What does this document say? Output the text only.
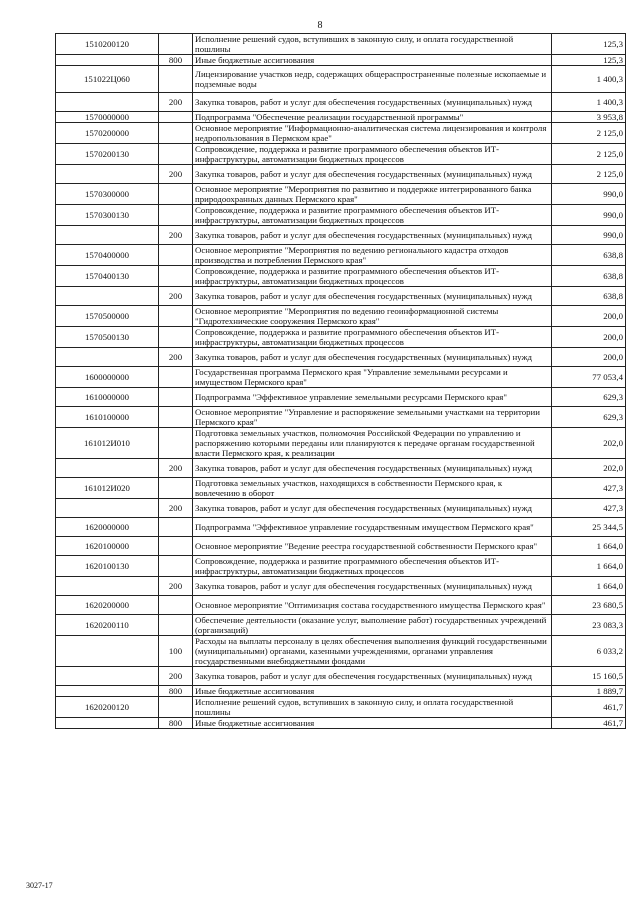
8
1510200120		Исполнение решений судов, вступивших в законную силу, и оплата государственной пошлины	125,3
	800	Иные бюджетные ассигнования	125,3
151022Ц060		Лицензирование участков недр, содержащих общераспространенные полезные ископаемые и подземные воды	1 400,3
	200	Закупка товаров, работ и услуг для обеспечения государственных (муниципальных) нужд	1 400,3
1570000000		Подпрограмма "Обеспечение реализации государственной программы"	3 953,8
1570200000		Основное мероприятие "Информационно-аналитическая система лицензирования и контроля недропользования в Пермском крае"	2 125,0
1570200130		Сопровождение, поддержка и развитие программного обеспечения объектов ИТ-инфраструктуры, автоматизации бюджетных процессов	2 125,0
	200	Закупка товаров, работ и услуг для обеспечения государственных (муниципальных) нужд	2 125,0
1570300000		Основное мероприятие "Мероприятия по развитию и поддержке интегрированного банка природоохранных данных Пермского края"	990,0
1570300130		Сопровождение, поддержка и развитие программного обеспечения объектов ИТ-инфраструктуры, автоматизации бюджетных процессов	990,0
	200	Закупка товаров, работ и услуг для обеспечения государственных (муниципальных) нужд	990,0
1570400000		Основное мероприятие "Мероприятия по ведению регионального кадастра отходов производства и потребления Пермского края"	638,8
1570400130		Сопровождение, поддержка и развитие программного обеспечения объектов ИТ-инфраструктуры, автоматизации бюджетных процессов	638,8
	200	Закупка товаров, работ и услуг для обеспечения государственных (муниципальных) нужд	638,8
1570500000		Основное мероприятие "Мероприятия по ведению геоинформационной системы "Гидротехнические сооружения Пермского края"	200,0
1570500130		Сопровождение, поддержка и развитие программного обеспечения объектов ИТ-инфраструктуры, автоматизации бюджетных процессов	200,0
	200	Закупка товаров, работ и услуг для обеспечения государственных (муниципальных) нужд	200,0
1600000000		Государственная программа Пермского края "Управление земельными ресурсами и имуществом Пермского края"	77 053,4
1610000000		Подпрограмма "Эффективное управление земельными ресурсами Пермского края"	629,3
1610100000		Основное мероприятие "Управление и распоряжение земельными участками на территории Пермского края"	629,3
161012И010		Подготовка земельных участков, полномочия Российской Федерации по управлению и распоряжению которыми переданы или планируются к передаче органам государственной власти Пермского края, к реализации	202,0
	200	Закупка товаров, работ и услуг для обеспечения государственных (муниципальных) нужд	202,0
161012И020		Подготовка земельных участков, находящихся в собственности Пермского края, к вовлечению в оборот	427,3
	200	Закупка товаров, работ и услуг для обеспечения государственных (муниципальных) нужд	427,3
1620000000		Подпрограмма "Эффективное управление государственным имуществом Пермского края"	25 344,5
1620100000		Основное мероприятие "Ведение реестра государственной собственности Пермского края"	1 664,0
1620100130		Сопровождение, поддержка и развитие программного обеспечения объектов ИТ-инфраструктуры, автоматизации бюджетных процессов	1 664,0
	200	Закупка товаров, работ и услуг для обеспечения государственных (муниципальных) нужд	1 664,0
1620200000		Основное мероприятие "Оптимизация состава государственного имущества Пермского края"	23 680,5
1620200110		Обеспечение деятельности (оказание услуг, выполнение работ) государственных учреждений (организаций)	23 083,3
	100	Расходы на выплаты персоналу в целях обеспечения выполнения функций государственными (муниципальными) органами, казенными учреждениями, органами управления государственными внебюджетными фондами	6 033,2
	200	Закупка товаров, работ и услуг для обеспечения государственных (муниципальных) нужд	15 160,5
	800	Иные бюджетные ассигнования	1 889,7
1620200120		Исполнение решений судов, вступивших в законную силу, и оплата государственной пошлины	461,7
	800	Иные бюджетные ассигнования	461,7
3027-17
